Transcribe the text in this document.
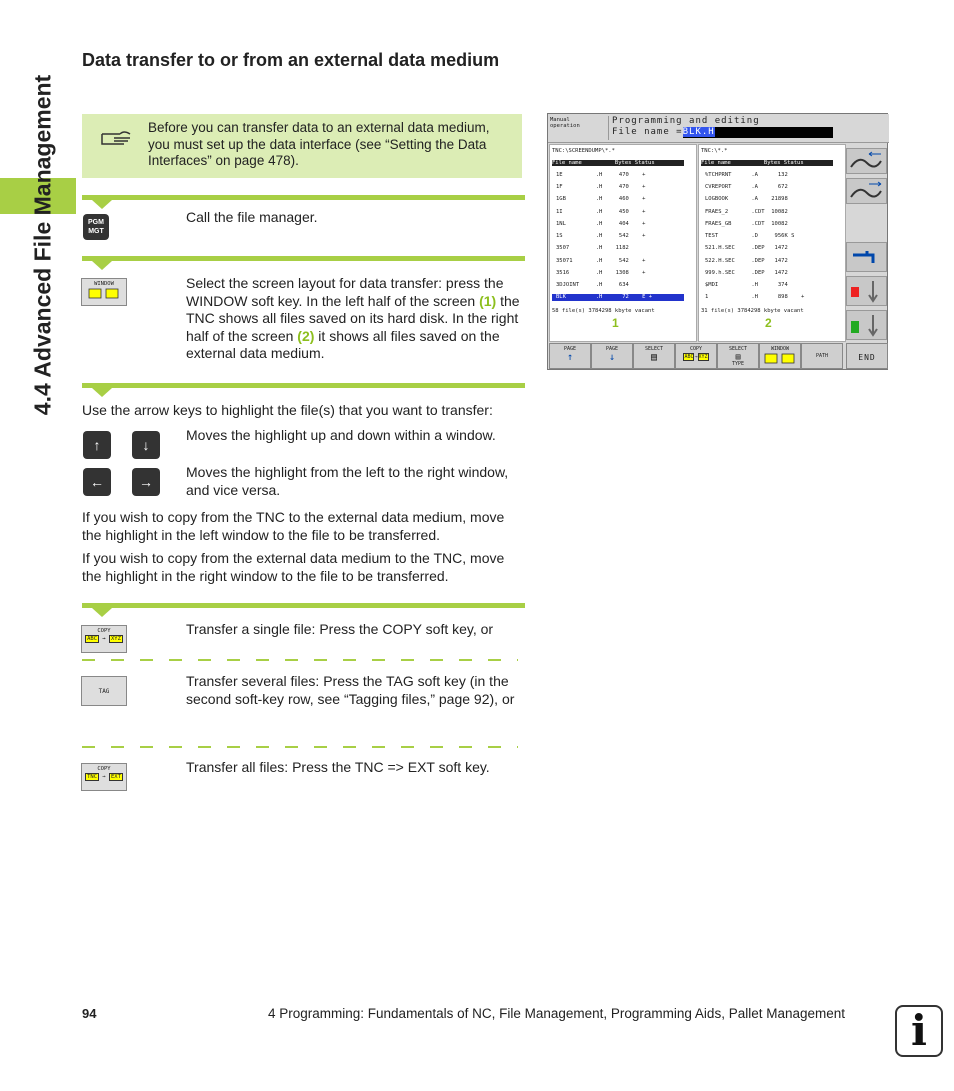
4.4 Advanced File Management
Data transfer to or from an external data medium
Before you can transfer data to an external data medium, you must set up the data interface (see “Setting the Data Interfaces” on page 478).
PGM
MGT
Call the file manager.
WINDOW	Select the screen layout for data transfer: press the WINDOW soft key. In the left half of the screen (1) the TNC shows all files saved on its hard disk. In the right half of the screen (2) it shows all files saved on the external data medium.
Use the arrow keys to highlight the file(s) that you want to transfer:
↑	↓
Moves the highlight up and down within a window.
←	→
Moves the highlight from the left to the right window, and vice versa.
If you wish to copy from the TNC to the external data medium, move the highlight in the left window to the file to be transferred.
If you wish to copy from the external data medium to the TNC, move the highlight in the right window to the file to be transferred.
COPY
ABC → XYZ
Transfer a single file: Press the COPY soft key, or
TAG
Transfer several files: Press the TAG soft key (in the second soft-key row, see “Tagging files,” page 92), or
COPY
TNC → EXT
Transfer all files: Press the TNC => EXT soft key.
Manual
operation	Programming and editing
File name =BLK.H
TNC:\SCREENDUMP\*.*
File name          Bytes Status
1E          .H     470    +
1F          .H     470    +
1GB         .H     460    +
1I          .H     450    +
1NL         .H     404    +
1S          .H     542    +
3507        .H    1182
35071       .H     542    +
3516        .H    1308    +
3DJOINT     .H     634
BLK         .H      72    E +
58 file(s) 3784298 kbyte vacant
1
TNC:\*.*
File name          Bytes Status
%TCHPRNT      .A      132
CVREPORT      .A      672
LOGBOOK       .A    21898
FRAES_2       .CDT  10082
FRAES_GB      .CDT  10082
TEST          .D     956K S
521.H.SEC     .DEP   1472
522.H.SEC     .DEP   1472
999.h.SEC     .DEP   1472
$MDI          .H      374
1             .H      898    +
31 file(s) 3784298 kbyte vacant
2
PAGE
↑
PAGE
↓
SELECT
▤
COPY
ABC→XYZ
SELECT
▤
TYPE
WINDOW
PATH	END
94	4 Programming: Fundamentals of NC, File Management, Programming Aids, Pallet Management	i
